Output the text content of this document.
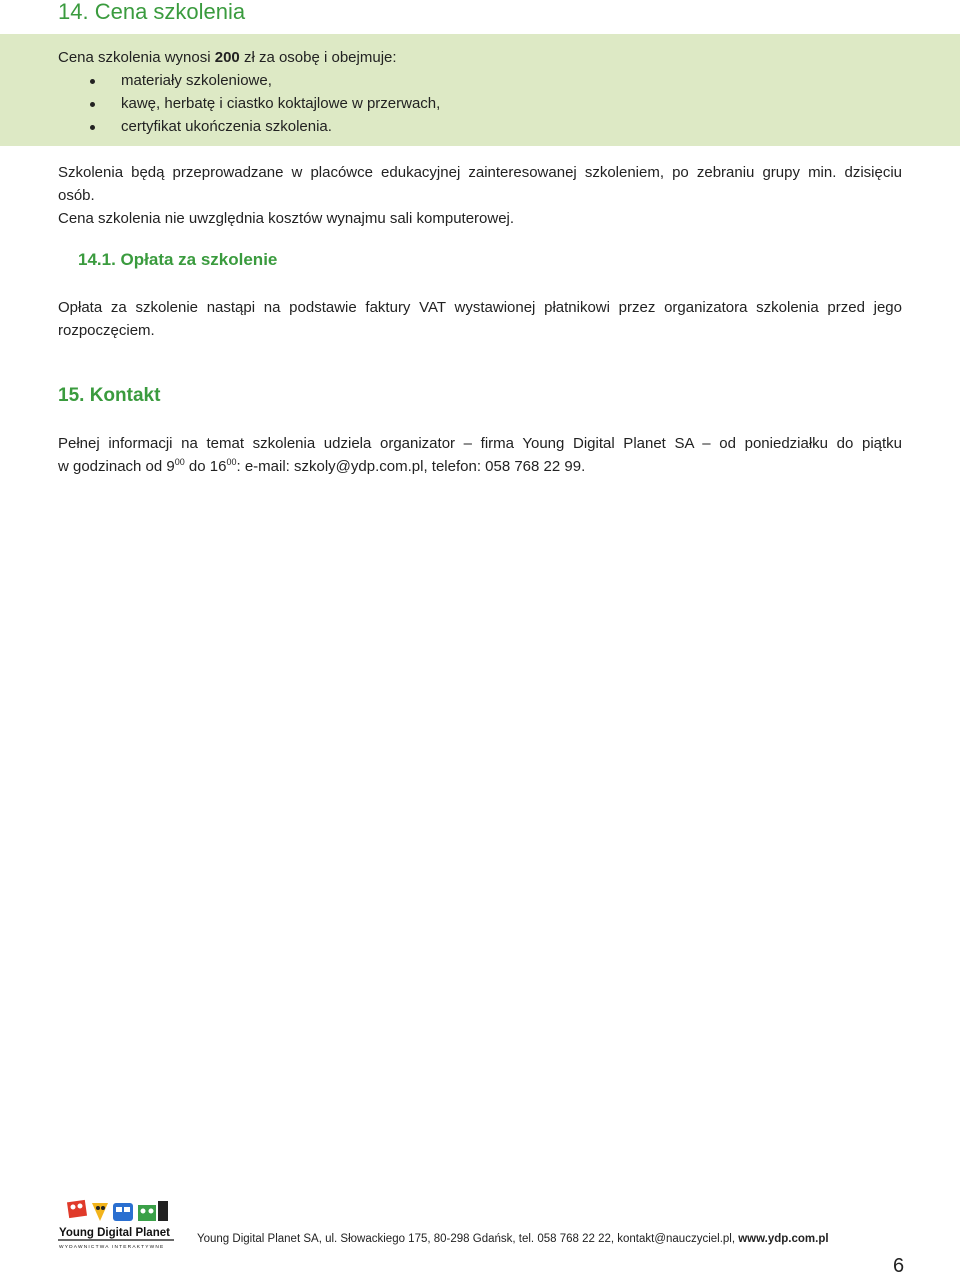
14. Cena szkolenia
Cena szkolenia wynosi 200 zł za osobę i obejmuje:
materiały szkoleniowe,
kawę, herbatę i ciastko koktajlowe w przerwach,
certyfikat ukończenia szkolenia.
Szkolenia będą przeprowadzane w placówce edukacyjnej zainteresowanej szkoleniem, po zebraniu grupy min. dzisięciu
osób.
Cena szkolenia nie uwzględnia kosztów wynajmu sali komputerowej.
14.1. Opłata za szkolenie
Opłata za szkolenie nastąpi na podstawie faktury VAT wystawionej płatnikowi przez organizatora szkolenia przed jego
rozpoczęciem.
15. Kontakt
Pełnej informacji na temat szkolenia udziela organizator – firma Young Digital Planet SA – od poniedziałku do piątku
w godzinach od $9^{00}$ do $16^{00}$: e-mail: szkoly@ydp.com.pl, telefon: 058 768 22 99.
Young Digital Planet
WYDAWNICTWA INTERAKTYWNE
Young Digital Planet SA, ul. Słowackiego 175, 80-298 Gdańsk, tel. 058 768 22 22, kontakt@nauczyciel.pl, www.ydp.com.pl
6
